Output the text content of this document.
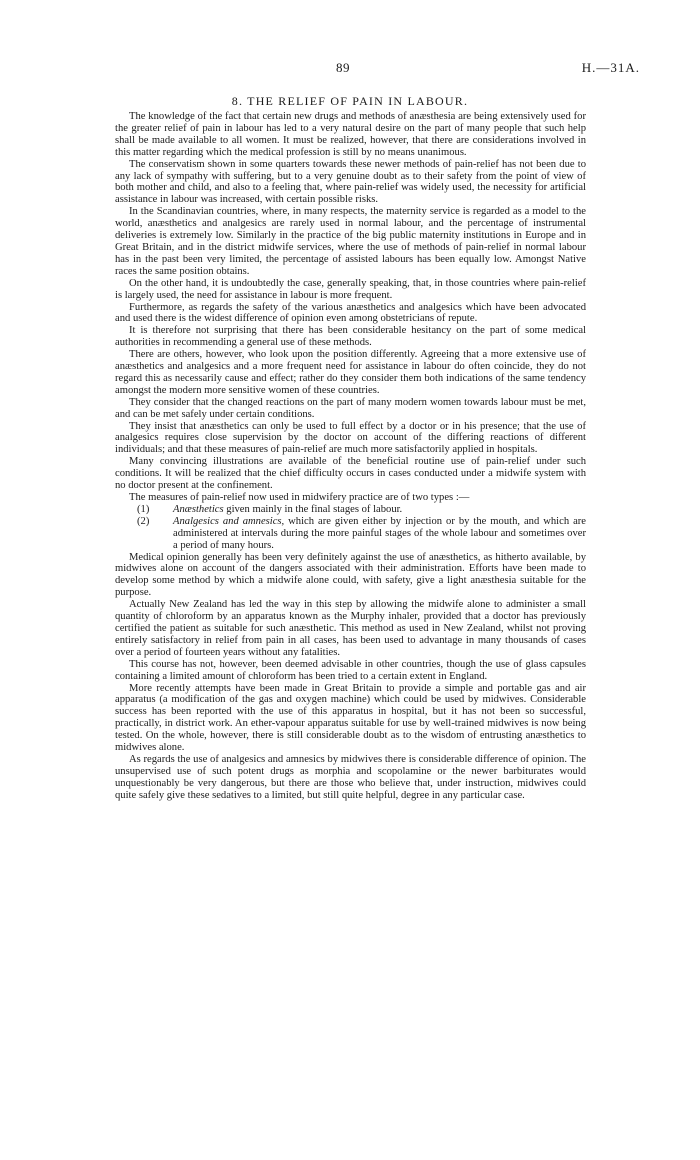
89	H.—31A.
8. THE RELIEF OF PAIN IN LABOUR.

The knowledge of the fact that certain new drugs and methods of anæsthesia are being extensively used for the greater relief of pain in labour has led to a very natural desire on the part of many people that such help shall be made available to all women. It must be realized, however, that there are considerations involved in this matter regarding which the medical profession is still by no means unanimous.

The conservatism shown in some quarters towards these newer methods of pain-relief has not been due to any lack of sympathy with suffering, but to a very genuine doubt as to their safety from the point of view of both mother and child, and also to a feeling that, where pain-relief was widely used, the necessity for artificial assistance in labour was increased, with certain possible risks.

In the Scandinavian countries, where, in many respects, the maternity service is regarded as a model to the world, anæsthetics and analgesics are rarely used in normal labour, and the percentage of instrumental deliveries is extremely low. Similarly in the practice of the big public maternity institutions in Europe and in Great Britain, and in the district midwife services, where the use of methods of pain-relief in normal labour has in the past been very limited, the percentage of assisted labours has been equally low. Amongst Native races the same position obtains.

On the other hand, it is undoubtedly the case, generally speaking, that, in those countries where pain-relief is largely used, the need for assistance in labour is more frequent.

Furthermore, as regards the safety of the various anæsthetics and analgesics which have been advocated and used there is the widest difference of opinion even among obstetricians of repute.

It is therefore not surprising that there has been considerable hesitancy on the part of some medical authorities in recommending a general use of these methods.

There are others, however, who look upon the position differently. Agreeing that a more extensive use of anæsthetics and analgesics and a more frequent need for assistance in labour do often coincide, they do not regard this as necessarily cause and effect; rather do they consider them both indications of the same tendency amongst the modern more sensitive women of these countries.

They consider that the changed reactions on the part of many modern women towards labour must be met, and can be met safely under certain conditions.

They insist that anæsthetics can only be used to full effect by a doctor or in his presence; that the use of analgesics requires close supervision by the doctor on account of the differing reactions of different individuals; and that these measures of pain-relief are much more satisfactorily applied in hospitals.

Many convincing illustrations are available of the beneficial routine use of pain-relief under such conditions. It will be realized that the chief difficulty occurs in cases conducted under a midwife system with no doctor present at the confinement.

The measures of pain-relief now used in midwifery practice are of two types :—

(1) Anæsthetics given mainly in the final stages of labour.
(2) Analgesics and amnesics, which are given either by injection or by the mouth, and which are administered at intervals during the more painful stages of the whole labour and sometimes over a period of many hours.

Medical opinion generally has been very definitely against the use of anæsthetics, as hitherto available, by midwives alone on account of the dangers associated with their administration. Efforts have been made to develop some method by which a midwife alone could, with safety, give a light anæsthesia suitable for the purpose.

Actually New Zealand has led the way in this step by allowing the midwife alone to administer a small quantity of chloroform by an apparatus known as the Murphy inhaler, provided that a doctor has previously certified the patient as suitable for such anæsthetic. This method as used in New Zealand, whilst not proving entirely satisfactory in relief from pain in all cases, has been used to advantage in many thousands of cases over a period of fourteen years without any fatalities.

This course has not, however, been deemed advisable in other countries, though the use of glass capsules containing a limited amount of chloroform has been tried to a certain extent in England.

More recently attempts have been made in Great Britain to provide a simple and portable gas and air apparatus (a modification of the gas and oxygen machine) which could be used by midwives. Considerable success has been reported with the use of this apparatus in hospital, but it has not been so successful, practically, in district work. An ether-vapour apparatus suitable for use by well-trained midwives is now being tested. On the whole, however, there is still considerable doubt as to the wisdom of entrusting anæsthetics to midwives alone.

As regards the use of analgesics and amnesics by midwives there is considerable difference of opinion. The unsupervised use of such potent drugs as morphia and scopolamine or the newer barbiturates would unquestionably be very dangerous, but there are those who believe that, under instruction, midwives could quite safely give these sedatives to a limited, but still quite helpful, degree in any particular case.
